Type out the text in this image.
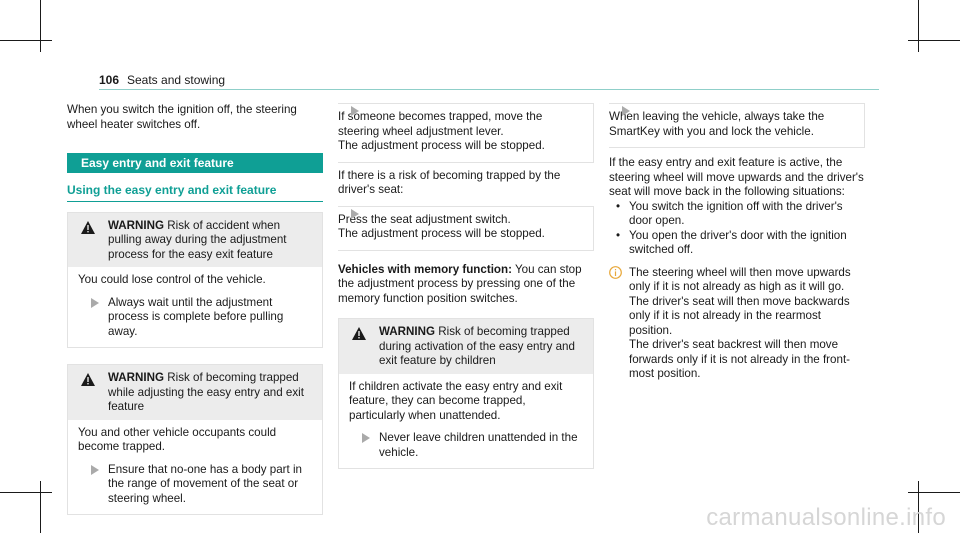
106 Seats and stowing

When you switch the ignition off, the steering wheel heater switches off.

Easy entry and exit feature
Using the easy entry and exit feature
WARNING Risk of accident when pulling away during the adjustment process for the easy exit feature

You could lose control of the vehicle.

Always wait until the adjustment process is complete before pulling away.
WARNING Risk of becoming trapped while adjusting the easy entry and exit feature

You and other vehicle occupants could become trapped.

Ensure that no-one has a body part in the range of movement of the seat or steering wheel.

If someone becomes trapped, move the steering wheel adjustment lever.

The adjustment process will be stopped.

If there is a risk of becoming trapped by the driver's seat:

Press the seat adjustment switch.

The adjustment process will be stopped.

Vehicles with memory function: You can stop the adjustment process by pressing one of the memory function position switches.

WARNING Risk of becoming trapped during activation of the easy entry and exit feature by children

If children activate the easy entry and exit feature, they can become trapped, particularly when unattended.

Never leave children unattended in the vehicle.

When leaving the vehicle, always take the SmartKey with you and lock the vehicle.

If the easy entry and exit feature is active, the steering wheel will move upwards and the driver's seat will move back in the following situations:

• You switch the ignition off with the driver's door open.
• You open the driver's door with the ignition switched off.

The steering wheel will then move upwards only if it is not already as high as it will go.

The driver's seat will then move backwards only if it is not already in the rearmost position.

The driver's seat backrest will then move forwards only if it is not already in the front-most position.

carmanualsonline.info
